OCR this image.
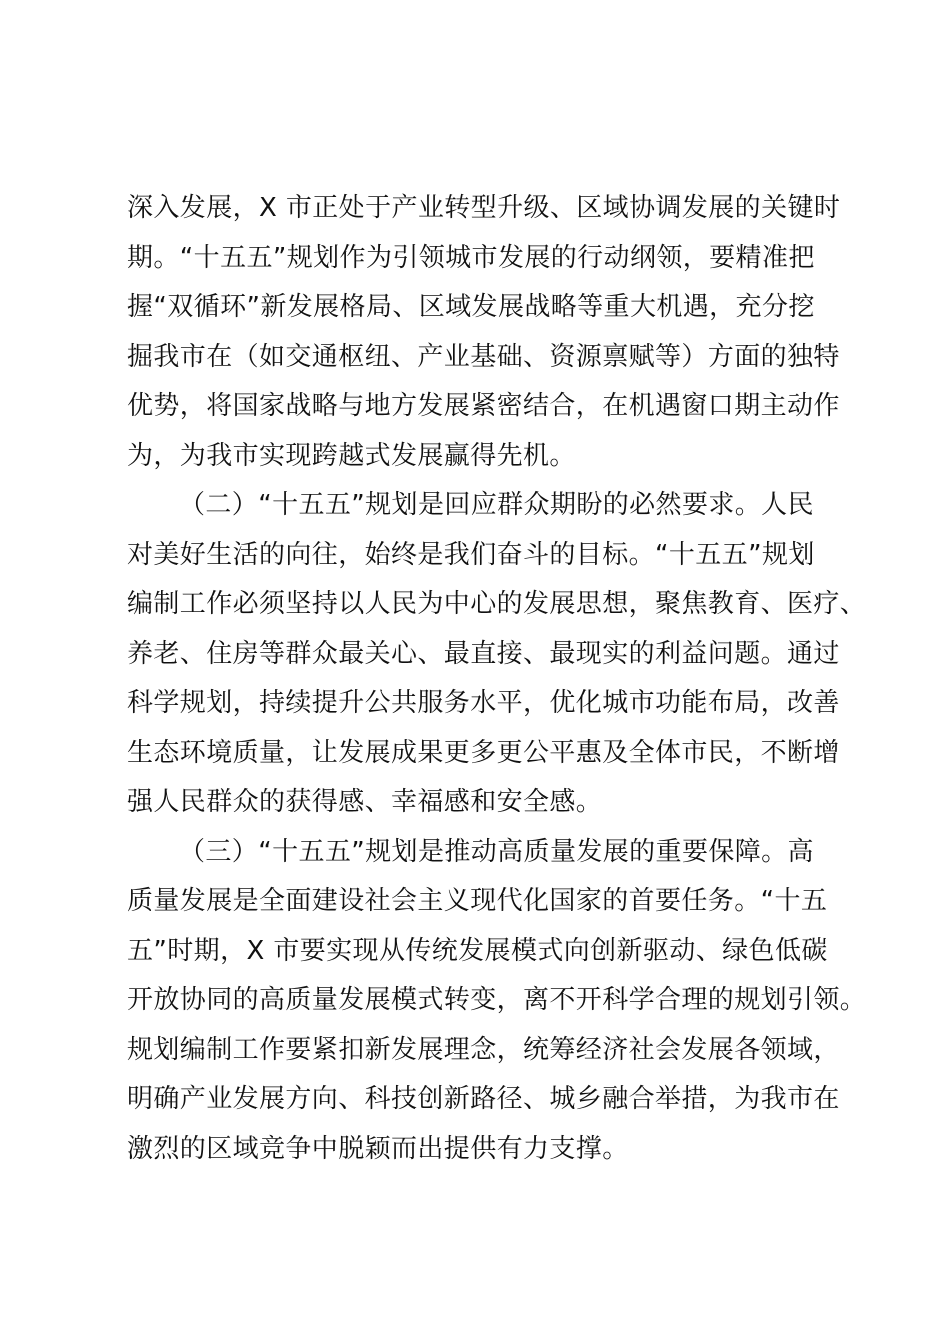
深入发展，X 市正处于产业转型升级、区域协调发展的关键时
期。“十五五”规划作为引领城市发展的行动纲领，要精准把
握“双循环”新发展格局、区域发展战略等重大机遇，充分挖
掘我市在（如交通枢纽、产业基础、资源禀赋等）方面的独特
优势，将国家战略与地方发展紧密结合，在机遇窗口期主动作
为，为我市实现跨越式发展赢得先机。
（二）“十五五”规划是回应群众期盼的必然要求。人民
对美好生活的向往，始终是我们奋斗的目标。“十五五”规划
编制工作必须坚持以人民为中心的发展思想，聚焦教育、医疗、
养老、住房等群众最关心、最直接、最现实的利益问题。通过
科学规划，持续提升公共服务水平，优化城市功能布局，改善
生态环境质量，让发展成果更多更公平惠及全体市民，不断增
强人民群众的获得感、幸福感和安全感。
（三）“十五五”规划是推动高质量发展的重要保障。高
质量发展是全面建设社会主义现代化国家的首要任务。“十五
五”时期，X 市要实现从传统发展模式向创新驱动、绿色低碳
开放协同的高质量发展模式转变，离不开科学合理的规划引领。
规划编制工作要紧扣新发展理念，统筹经济社会发展各领域，
明确产业发展方向、科技创新路径、城乡融合举措，为我市在
激烈的区域竞争中脱颖而出提供有力支撑。
